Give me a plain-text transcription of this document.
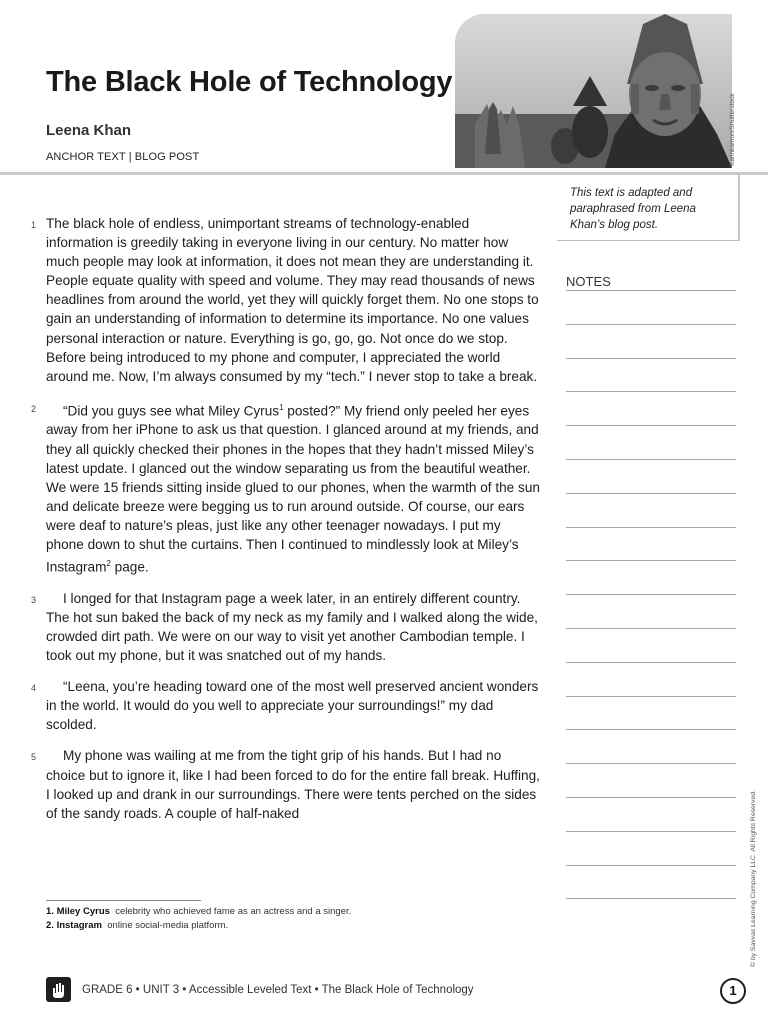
The Black Hole of Technology
Leena Khan
ANCHOR TEXT | BLOG POST	Karinkamon/Shutterstock
This text is adapted and paraphrased from Leena Khan’s blog post.
NOTES

1 The black hole of endless, unimportant streams of technology-enabled information is greedily taking in everyone living in our century. No matter how much people may look at information, it does not mean they are understanding it. People equate quality with speed and volume. They may read thousands of news headlines from around the world, yet they will quickly forget them. No one stops to gain an understanding of information to determine its importance. No one values personal interaction or nature. Everything is go, go, go. Not once do we stop. Before being introduced to my phone and computer, I appreciated the world around me. Now, I’m always consumed by my “tech.” I never stop to take a break.

2 “Did you guys see what Miley Cyrus$^1$ posted?” My friend only peeled her eyes away from her iPhone to ask us that question. I glanced around at my friends, and they all quickly checked their phones in the hopes that they hadn’t missed Miley’s latest update. I glanced out the window separating us from the beautiful weather. We were 15 friends sitting inside glued to our phones, when the warmth of the sun and delicate breeze were begging us to run around outside. Of course, our ears were deaf to nature’s pleas, just like any other teenager nowadays. I put my phone down to shut the curtains. Then I continued to mindlessly look at Miley’s Instagram$^2$ page.

3 I longed for that Instagram page a week later, in an entirely different country. The hot sun baked the back of my neck as my family and I walked along the wide, crowded dirt path. We were on our way to visit yet another Cambodian temple. I took out my phone, but it was snatched out of my hands.

4 “Leena, you’re heading toward one of the most well preserved ancient wonders in the world. It would do you well to appreciate your surroundings!” my dad scolded.

5 My phone was wailing at me from the tight grip of his hands. But I had no choice but to ignore it, like I had been forced to do for the entire fall break. Huffing, I looked up and drank in our surroundings. There were tents perched on the sides of the sandy roads. A couple of half-naked

1. Miley Cyrus celebrity who achieved fame as an actress and a singer.
2. Instagram online social-media platform.	© by Savvas Learning Company LLC. All Rights Reserved.
GRADE 6 • UNIT 3 • Accessible Leveled Text • The Black Hole of Technology	1
